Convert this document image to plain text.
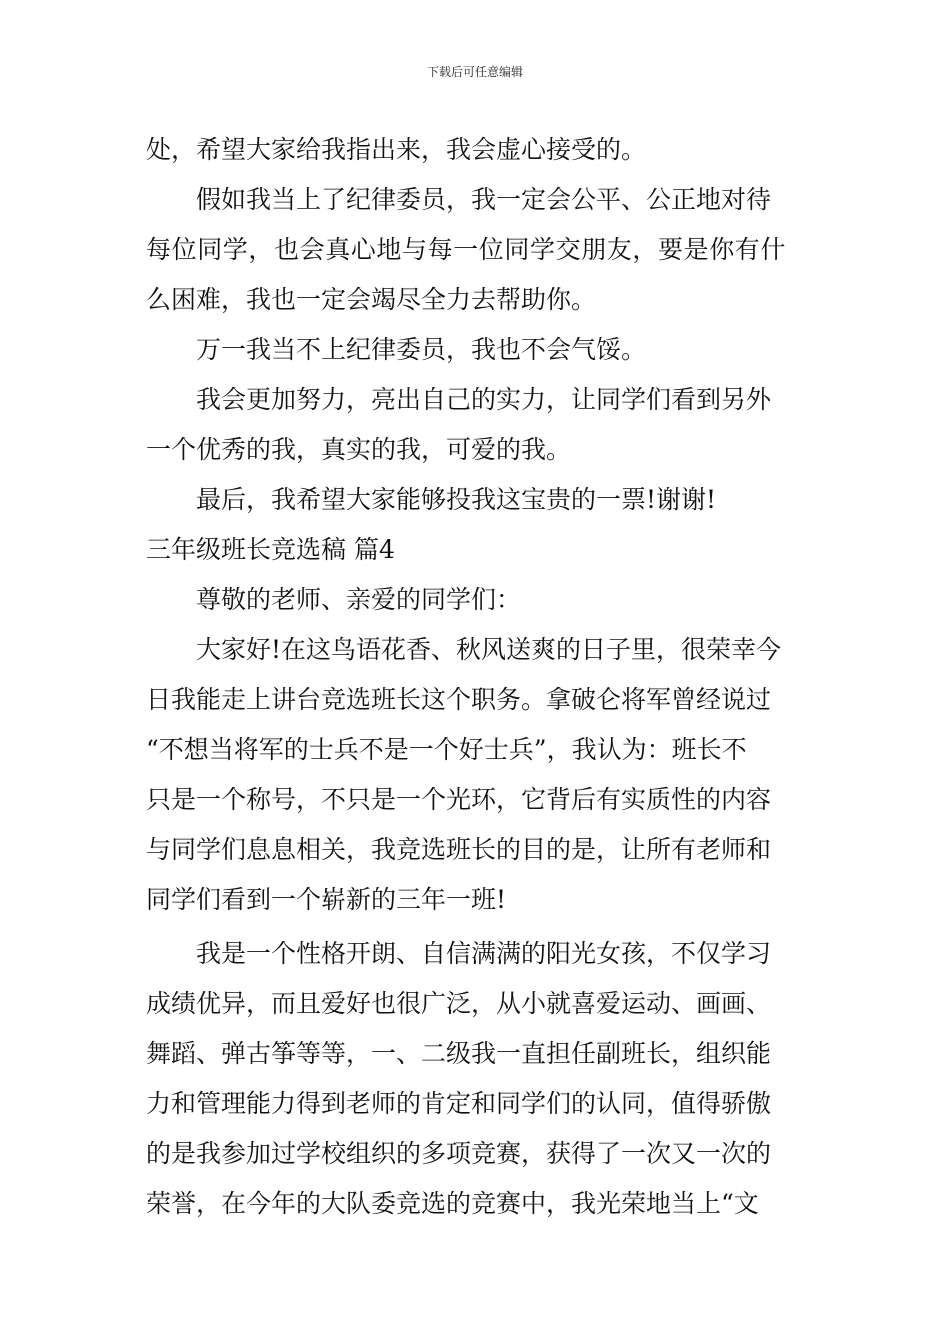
下载后可任意编辑
处，希望大家给我指出来，我会虚心接受的。
假如我当上了纪律委员，我一定会公平、公正地对待
每位同学，也会真心地与每一位同学交朋友，要是你有什
么困难，我也一定会竭尽全力去帮助你。
万一我当不上纪律委员，我也不会气馁。
我会更加努力，亮出自己的实力，让同学们看到另外
一个优秀的我，真实的我，可爱的我。
最后，我希望大家能够投我这宝贵的一票!谢谢!
三年级班长竞选稿 篇4
尊敬的老师、亲爱的同学们：
大家好!在这鸟语花香、秋风送爽的日子里，很荣幸今
日我能走上讲台竞选班长这个职务。拿破仑将军曾经说过
“不想当将军的士兵不是一个好士兵”，我认为：班长不
只是一个称号，不只是一个光环，它背后有实质性的内容
与同学们息息相关，我竞选班长的目的是，让所有老师和
同学们看到一个崭新的三年一班!
我是一个性格开朗、自信满满的阳光女孩，不仅学习
成绩优异，而且爱好也很广泛，从小就喜爱运动、画画、
舞蹈、弹古筝等等，一、二级我一直担任副班长，组织能
力和管理能力得到老师的肯定和同学们的认同，值得骄傲
的是我参加过学校组织的多项竞赛，获得了一次又一次的
荣誉，在今年的大队委竞选的竞赛中，我光荣地当上“文
